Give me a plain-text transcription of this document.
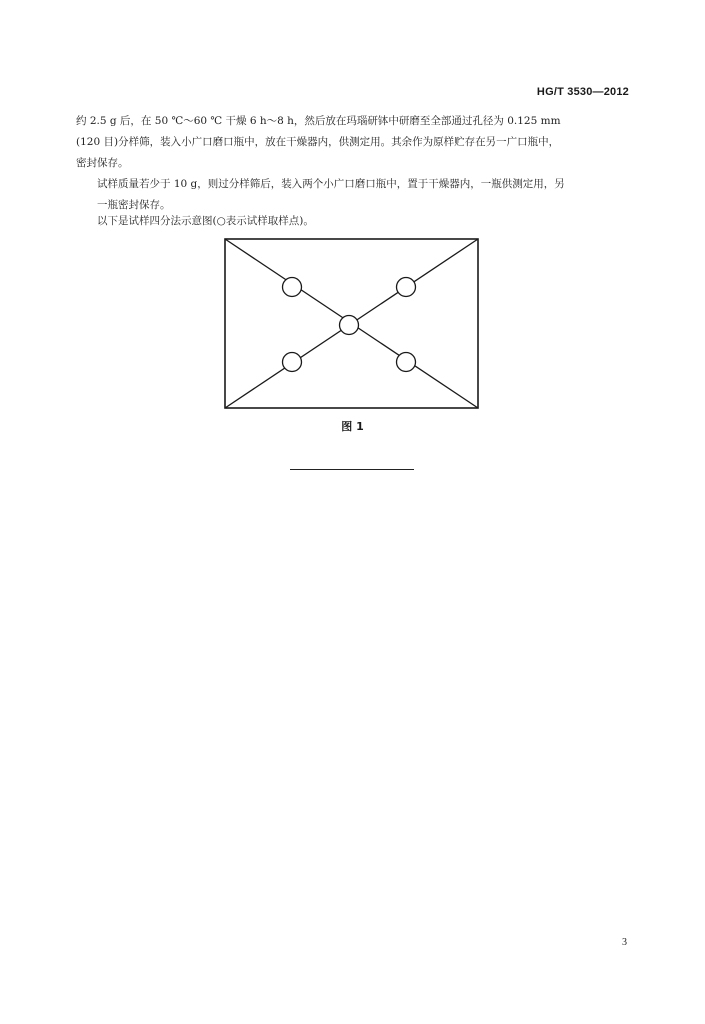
HG/T 3530—2012
约 2.5 g 后，在 50 ℃～60 ℃ 干燥 6 h～8 h，然后放在玛瑙研钵中研磨至全部通过孔径为 0.125 mm
(120 目)分样筛，装入小广口磨口瓶中，放在干燥器内，供测定用。其余作为原样贮存在另一广口瓶中，
密封保存。
试样质量若少于 10 g，则过分样筛后，装入两个小广口磨口瓶中，置于干燥器内，一瓶供测定用，另
一瓶密封保存。
以下是试样四分法示意图(○表示试样取样点)。
图 1
3
